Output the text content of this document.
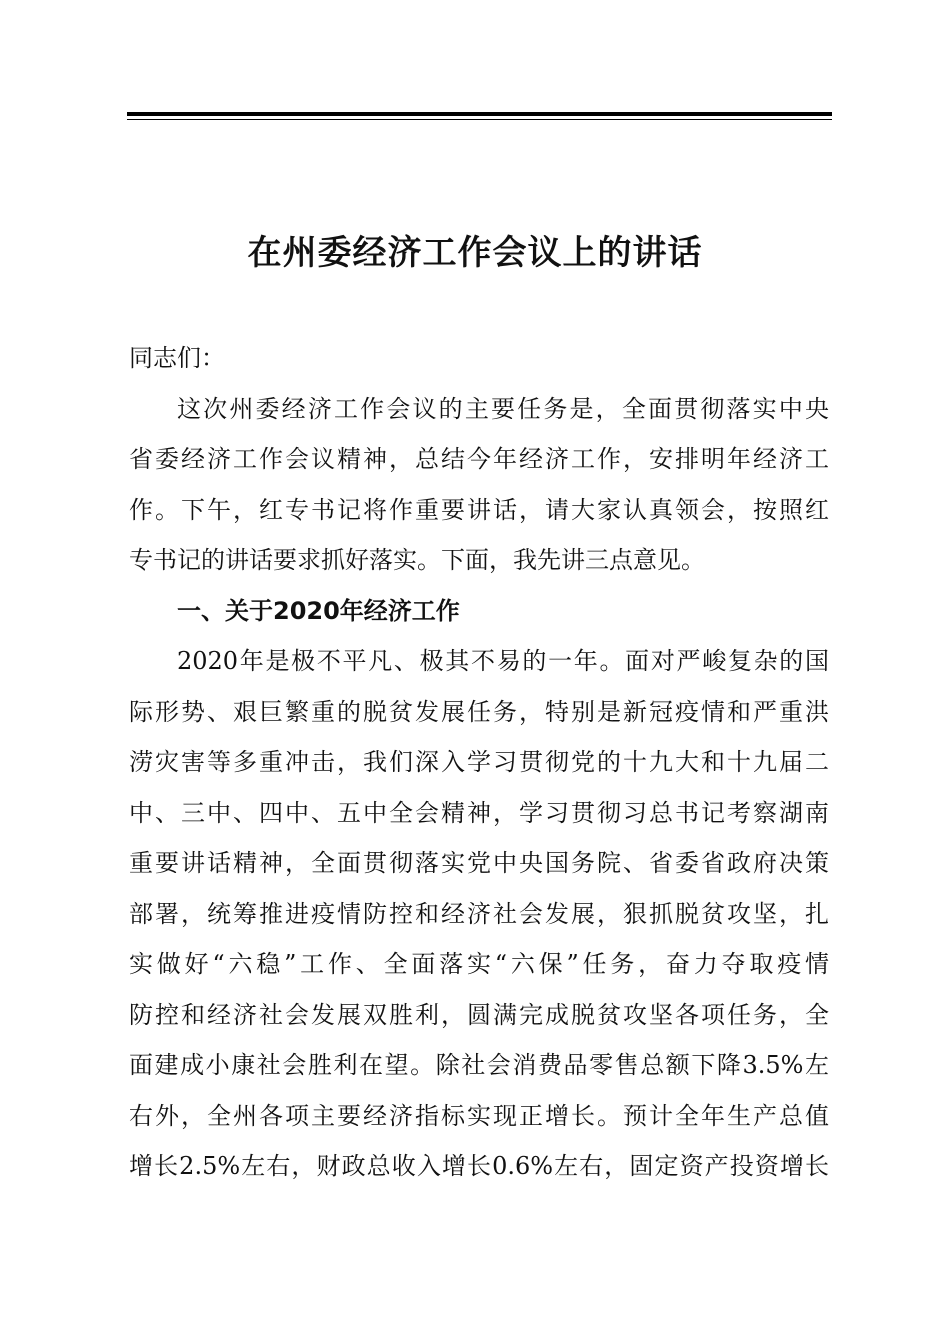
在州委经济工作会议上的讲话

同志们：

这次州委经济工作会议的主要任务是，全面贯彻落实中央

省委经济工作会议精神，总结今年经济工作，安排明年经济工

作。下午，红专书记将作重要讲话，请大家认真领会，按照红

专书记的讲话要求抓好落实。下面，我先讲三点意见。

一、关于2020年经济工作

2020年是极不平凡、极其不易的一年。面对严峻复杂的国

际形势、艰巨繁重的脱贫发展任务，特别是新冠疫情和严重洪

涝灾害等多重冲击，我们深入学习贯彻党的十九大和十九届二

中、三中、四中、五中全会精神，学习贯彻习总书记考察湖南

重要讲话精神，全面贯彻落实党中央国务院、省委省政府决策

部署，统筹推进疫情防控和经济社会发展，狠抓脱贫攻坚，扎

实做好“六稳”工作、全面落实“六保”任务，奋力夺取疫情

防控和经济社会发展双胜利，圆满完成脱贫攻坚各项任务，全

面建成小康社会胜利在望。除社会消费品零售总额下降3.5%左

右外，全州各项主要经济指标实现正增长。预计全年生产总值

增长2.5%左右，财政总收入增长0.6%左右，固定资产投资增长
